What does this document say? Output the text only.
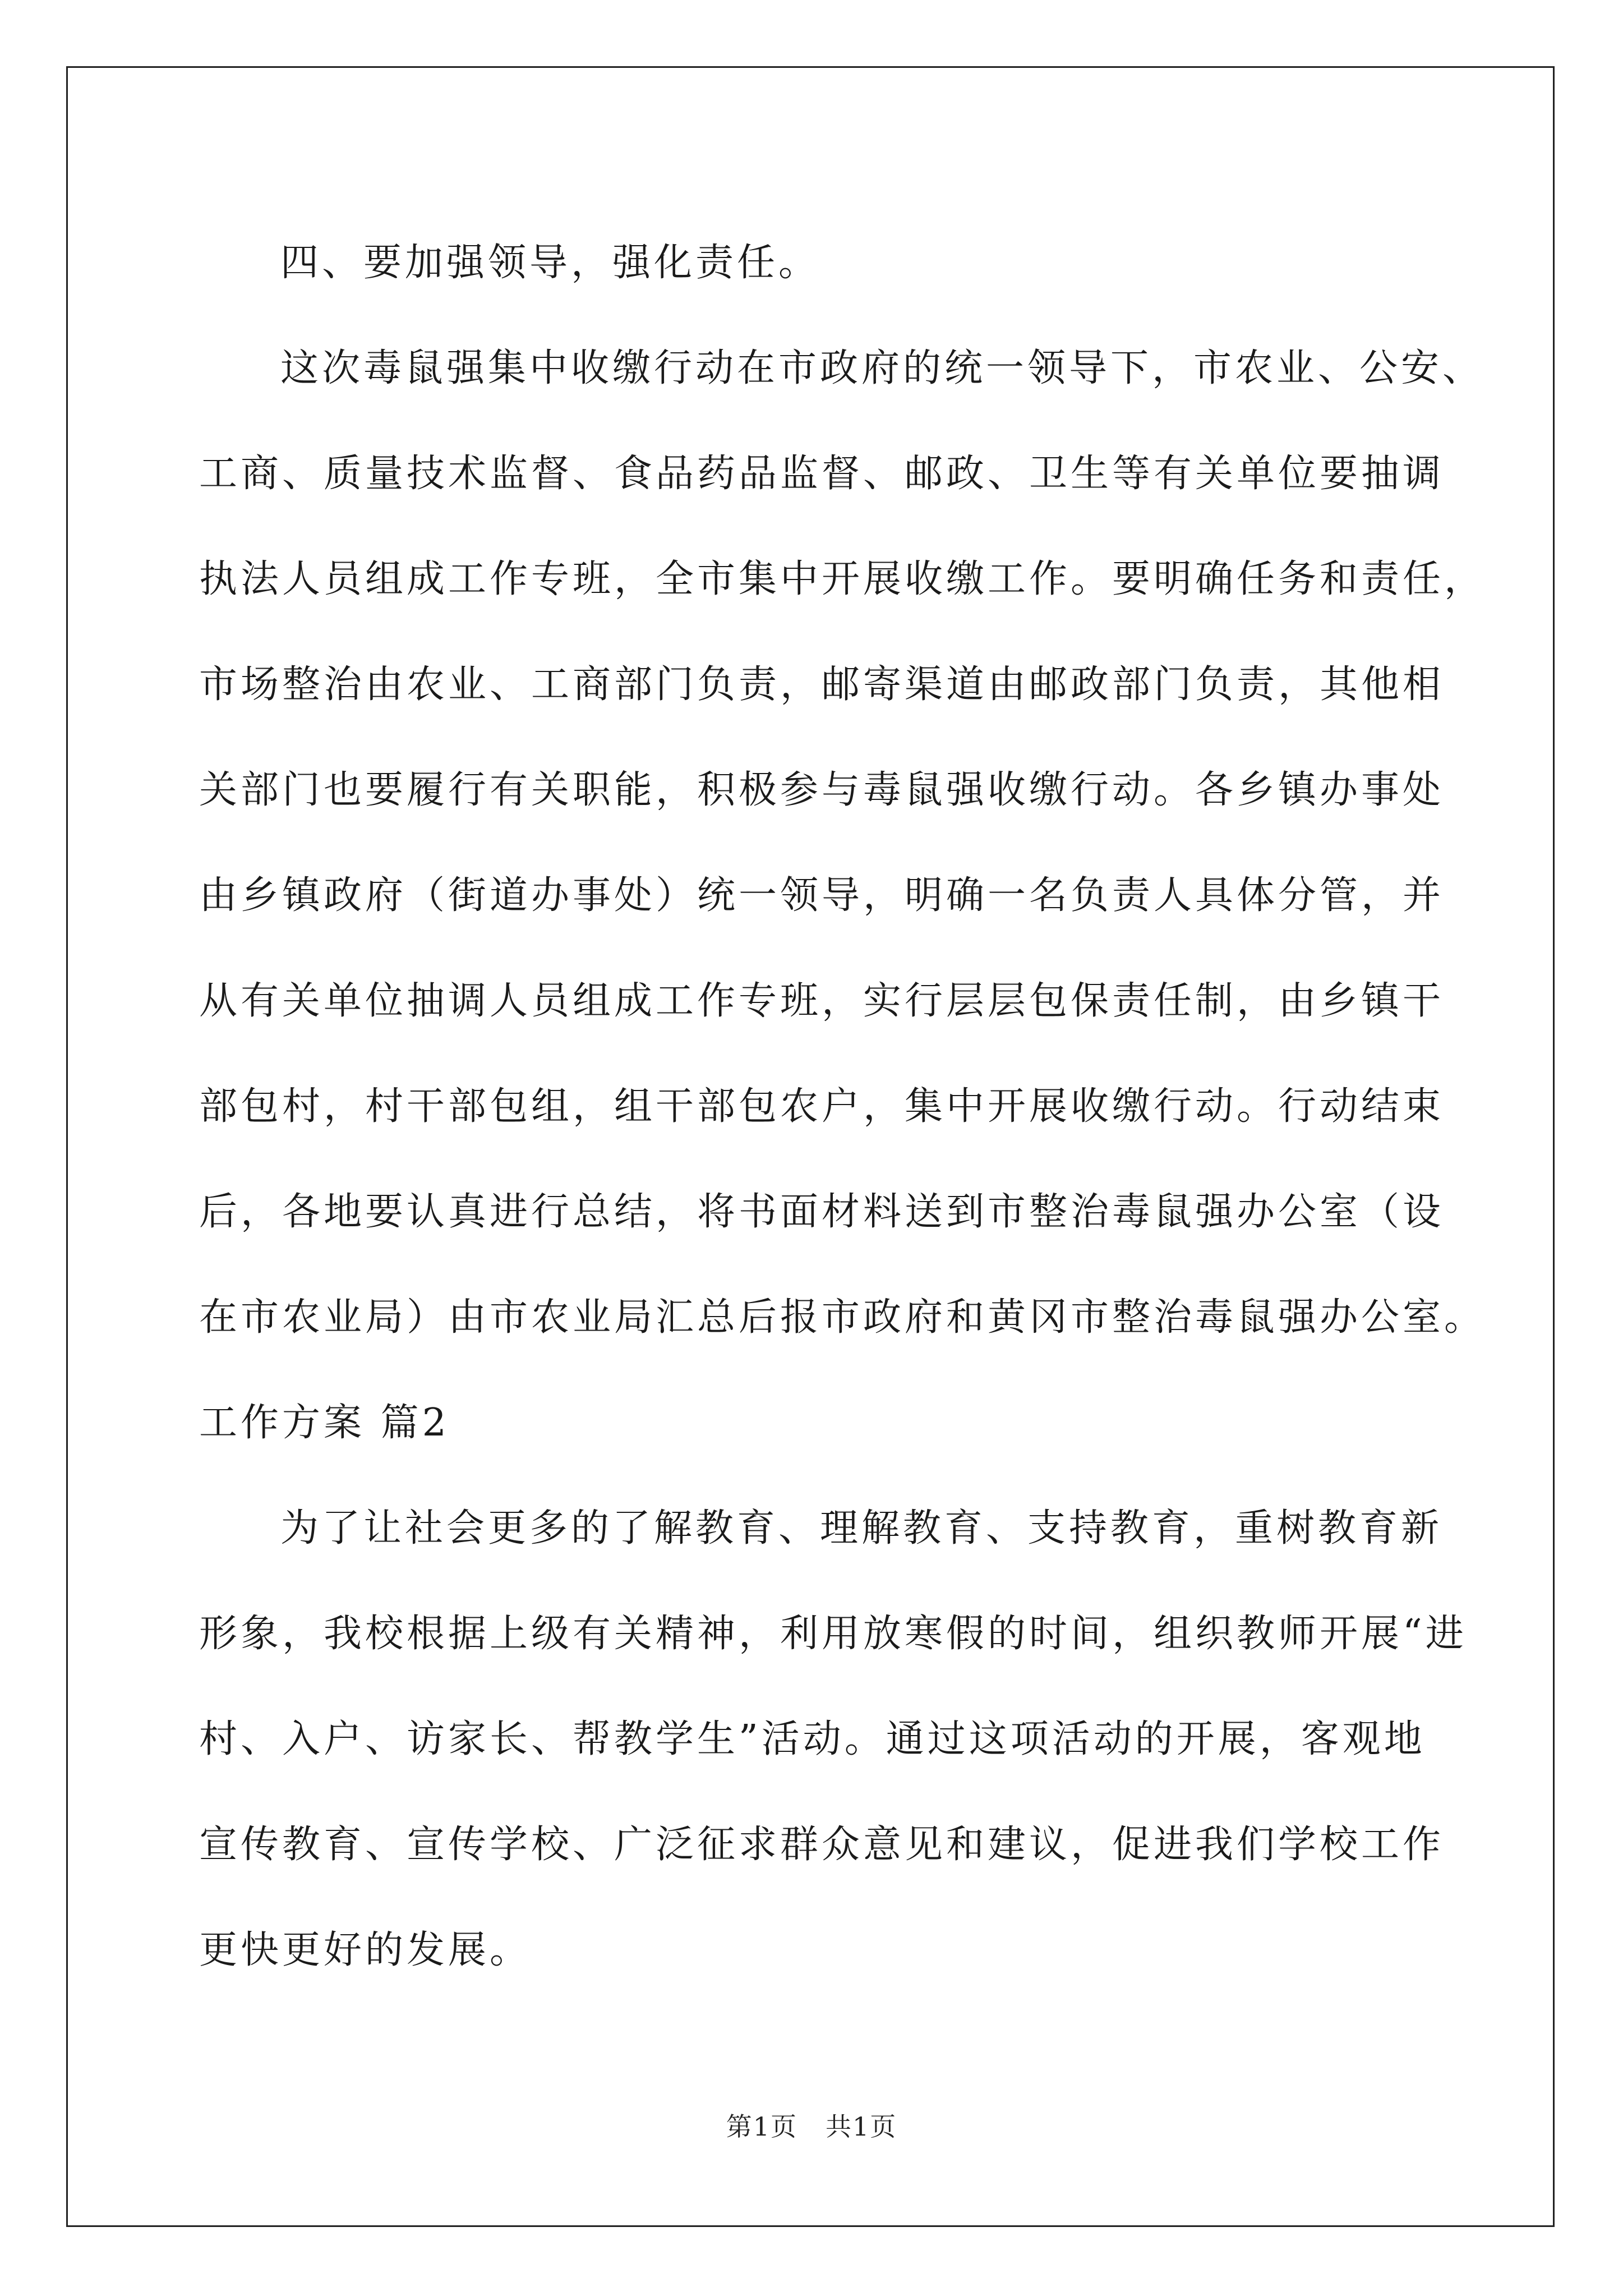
四、要加强领导，强化责任。

这次毒鼠强集中收缴行动在市政府的统一领导下，市农业、公安、
工商、质量技术监督、食品药品监督、邮政、卫生等有关单位要抽调
执法人员组成工作专班，全市集中开展收缴工作。要明确任务和责任，
市场整治由农业、工商部门负责，邮寄渠道由邮政部门负责，其他相
关部门也要履行有关职能，积极参与毒鼠强收缴行动。各乡镇办事处
由乡镇政府（街道办事处）统一领导，明确一名负责人具体分管，并
从有关单位抽调人员组成工作专班，实行层层包保责任制，由乡镇干
部包村，村干部包组，组干部包农户，集中开展收缴行动。行动结束
后，各地要认真进行总结，将书面材料送到市整治毒鼠强办公室（设
在市农业局）由市农业局汇总后报市政府和黄冈市整治毒鼠强办公室。

工作方案 篇2

为了让社会更多的了解教育、理解教育、支持教育，重树教育新
形象，我校根据上级有关精神，利用放寒假的时间，组织教师开展“进
村、入户、访家长、帮教学生”活动。通过这项活动的开展，客观地
宣传教育、宣传学校、广泛征求群众意见和建议，促进我们学校工作
更快更好的发展。

第1页 共1页
